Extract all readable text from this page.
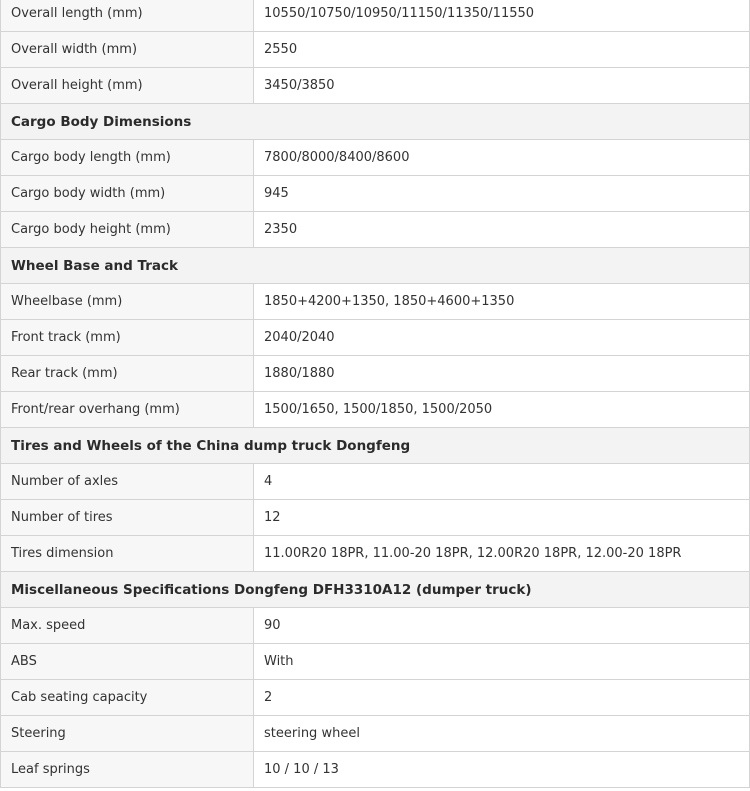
Overall length (mm)	10550/10750/10950/11150/11350/11550
Overall width (mm)	2550
Overall height (mm)	3450/3850
Cargo Body Dimensions	
Cargo body length (mm)	7800/8000/8400/8600
Cargo body width (mm)	945
Cargo body height (mm)	2350
Wheel Base and Track	
Wheelbase (mm)	1850+4200+1350, 1850+4600+1350
Front track (mm)	2040/2040
Rear track (mm)	1880/1880
Front/rear overhang (mm)	1500/1650, 1500/1850, 1500/2050
Tires and Wheels of the China dump truck Dongfeng	
Number of axles	4
Number of tires	12
Tires dimension	11.00R20 18PR, 11.00-20 18PR, 12.00R20 18PR, 12.00-20 18PR
Miscellaneous Specifications Dongfeng DFH3310A12 (dumper truck)	
Max. speed	90
ABS	With
Cab seating capacity	2
Steering	steering wheel
Leaf springs	10 / 10 / 13
